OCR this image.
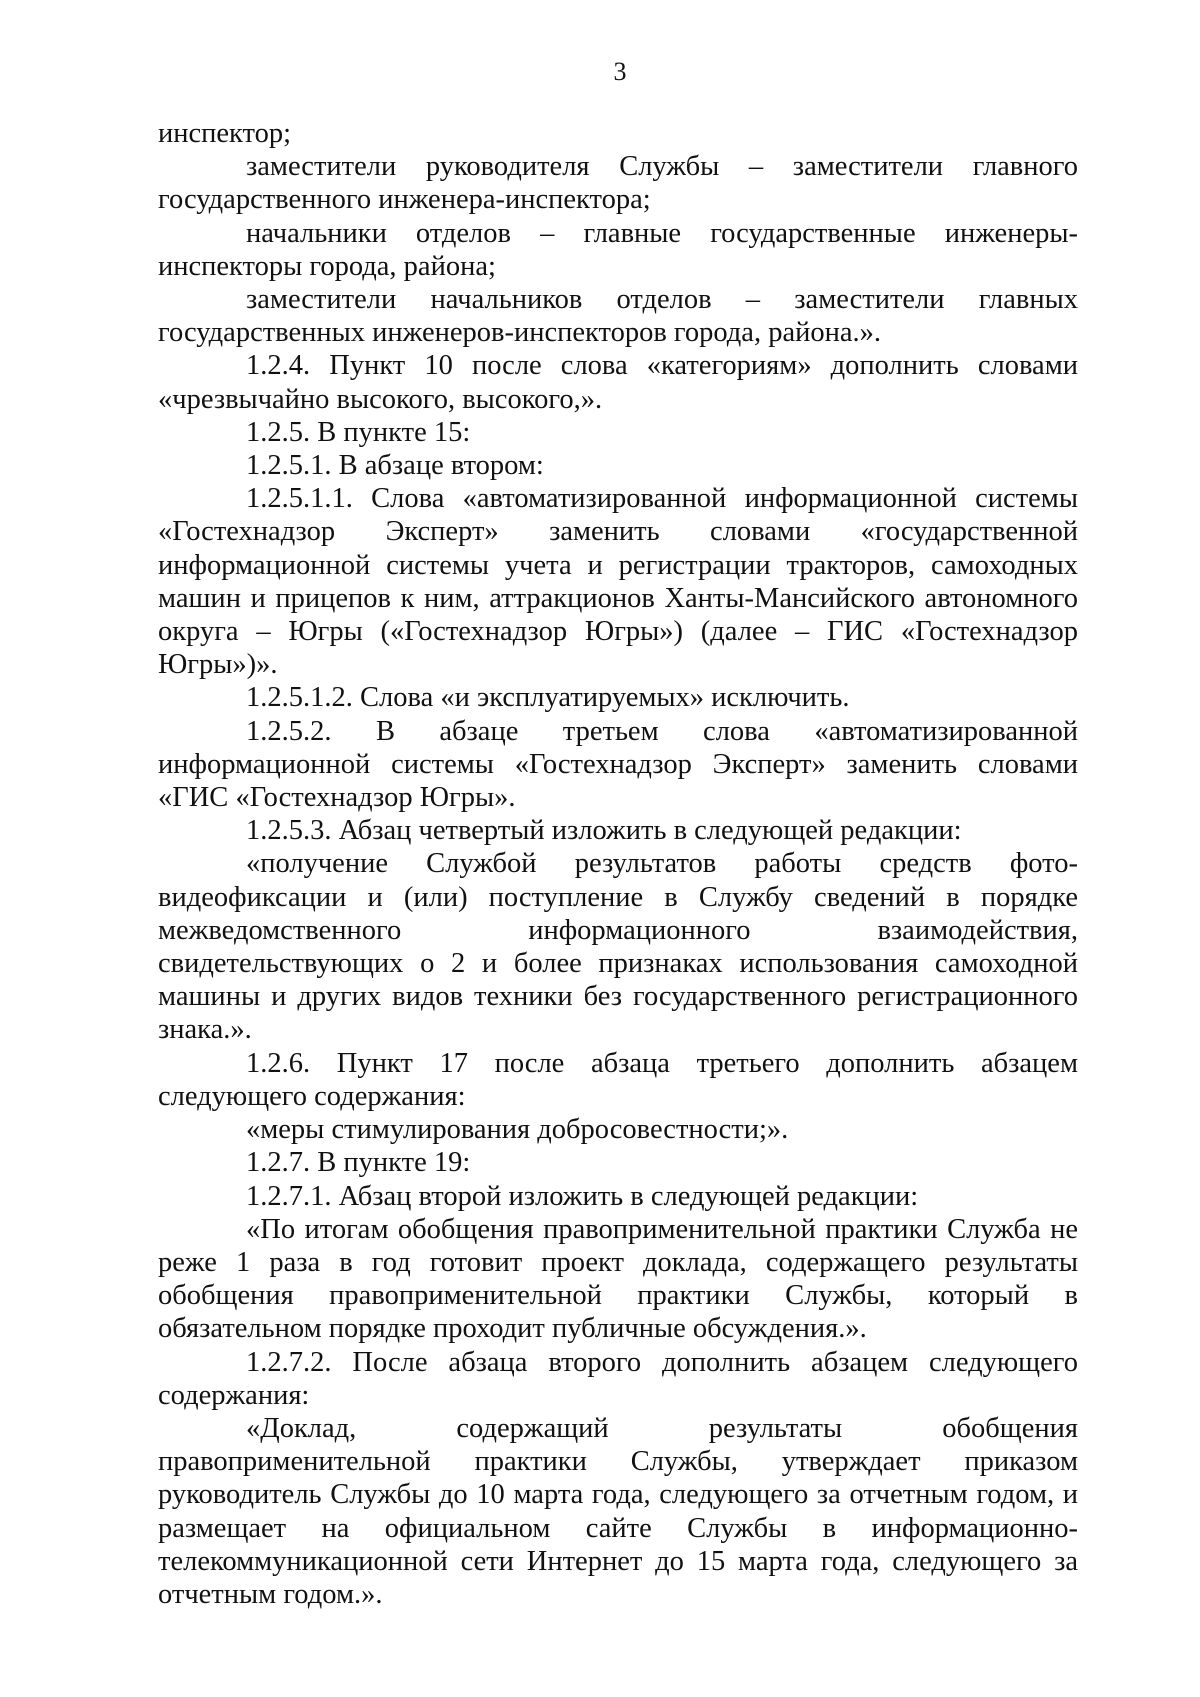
3

инспектор;

заместители руководителя Службы – заместители главного государственного инженера-инспектора;

начальники отделов – главные государственные инженеры-инспекторы города, района;

заместители начальников отделов – заместители главных государственных инженеров-инспекторов города, района.».

1.2.4. Пункт 10 после слова «категориям» дополнить словами «чрезвычайно высокого, высокого,».

1.2.5. В пункте 15:

1.2.5.1. В абзаце втором:

1.2.5.1.1. Слова «автоматизированной информационной системы «Гостехнадзор Эксперт» заменить словами «государственной информационной системы учета и регистрации тракторов, самоходных машин и прицепов к ним, аттракционов Ханты-Мансийского автономного округа – Югры («Гостехнадзор Югры») (далее – ГИС «Гостехнадзор Югры»)».

1.2.5.1.2. Слова «и эксплуатируемых» исключить.

1.2.5.2. В абзаце третьем слова «автоматизированной информационной системы «Гостехнадзор Эксперт» заменить словами «ГИС «Гостехнадзор Югры».

1.2.5.3. Абзац четвертый изложить в следующей редакции:

«получение Службой результатов работы средств фото-видеофиксации и (или) поступление в Службу сведений в порядке межведомственного информационного взаимодействия, свидетельствующих о 2 и более признаках использования самоходной машины и других видов техники без государственного регистрационного знака.».

1.2.6. Пункт 17 после абзаца третьего дополнить абзацем следующего содержания:

«меры стимулирования добросовестности;».

1.2.7. В пункте 19:

1.2.7.1. Абзац второй изложить в следующей редакции:

«По итогам обобщения правоприменительной практики Служба не реже 1 раза в год готовит проект доклада, содержащего результаты обобщения правоприменительной практики Службы, который в обязательном порядке проходит публичные обсуждения.».

1.2.7.2. После абзаца второго дополнить абзацем следующего содержания:

«Доклад, содержащий результаты обобщения правоприменительной практики Службы, утверждает приказом руководитель Службы до 10 марта года, следующего за отчетным годом, и размещает на официальном сайте Службы в информационно-телекоммуникационной сети Интернет до 15 марта года, следующего за отчетным годом.».
